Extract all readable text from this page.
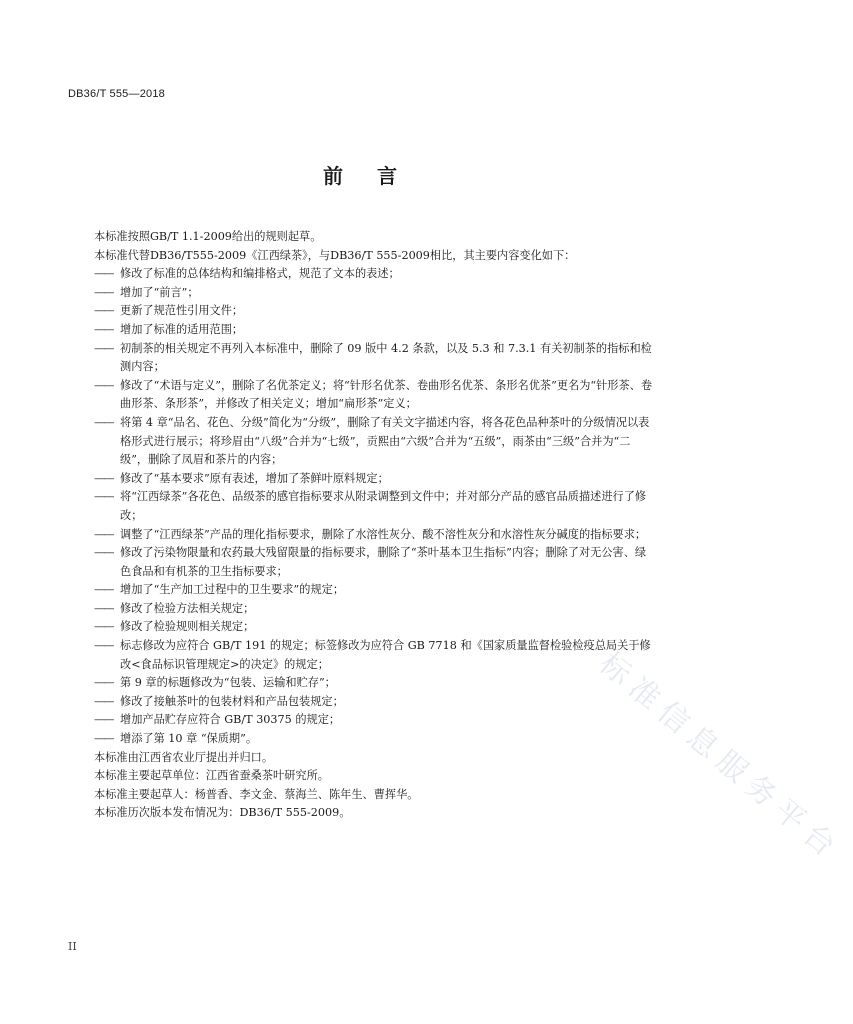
DB36/T 555—2018
前 言

本标准按照GB/T 1.1-2009给出的规则起草。

本标准代替DB36/T555-2009《江西绿茶》，与DB36/T 555-2009相比，其主要内容变化如下：

—— 修改了标准的总体结构和编排格式，规范了文本的表述；

—— 增加了“前言”；

—— 更新了规范性引用文件；

—— 增加了标准的适用范围；

—— 初制茶的相关规定不再列入本标准中，删除了 09 版中 4.2 条款，以及 5.3 和 7.3.1 有关初制茶的指标和检测内容；

—— 修改了“术语与定义”，删除了名优茶定义；将“针形名优茶、卷曲形名优茶、条形名优茶”更名为“针形茶、卷曲形茶、条形茶”，并修改了相关定义；增加“扁形茶”定义；

—— 将第 4 章“品名、花色、分级”简化为“分级”，删除了有关文字描述内容，将各花色品种茶叶的分级情况以表格形式进行展示；将珍眉由“八级”合并为“七级”，贡熙由“六级”合并为“五级”，雨茶由“三级”合并为“二级”，删除了凤眉和茶片的内容；

—— 修改了“基本要求”原有表述，增加了茶鲜叶原料规定；

—— 将“江西绿茶”各花色、品级茶的感官指标要求从附录调整到文件中；并对部分产品的感官品质描述进行了修改；

—— 调整了“江西绿茶”产品的理化指标要求，删除了水溶性灰分、酸不溶性灰分和水溶性灰分碱度的指标要求；

—— 修改了污染物限量和农药最大残留限量的指标要求，删除了“茶叶基本卫生指标”内容；删除了对无公害、绿色食品和有机茶的卫生指标要求；

—— 增加了“生产加工过程中的卫生要求”的规定；

—— 修改了检验方法相关规定；

—— 修改了检验规则相关规定；

—— 标志修改为应符合 GB/T 191 的规定；标签修改为应符合 GB 7718 和《国家质量监督检验检疫总局关于修改<食品标识管理规定>的决定》的规定；

—— 第 9 章的标题修改为“包装、运输和贮存”；

—— 修改了接触茶叶的包装材料和产品包装规定；

—— 增加产品贮存应符合 GB/T 30375 的规定；

—— 增添了第 10 章 “保质期”。

本标准由江西省农业厅提出并归口。

本标准主要起草单位：江西省蚕桑茶叶研究所。

本标准主要起草人：杨普香、李文金、蔡海兰、陈年生、曹挥华。

本标准历次版本发布情况为：DB36/T 555-2009。

II
标准信息服务平台
